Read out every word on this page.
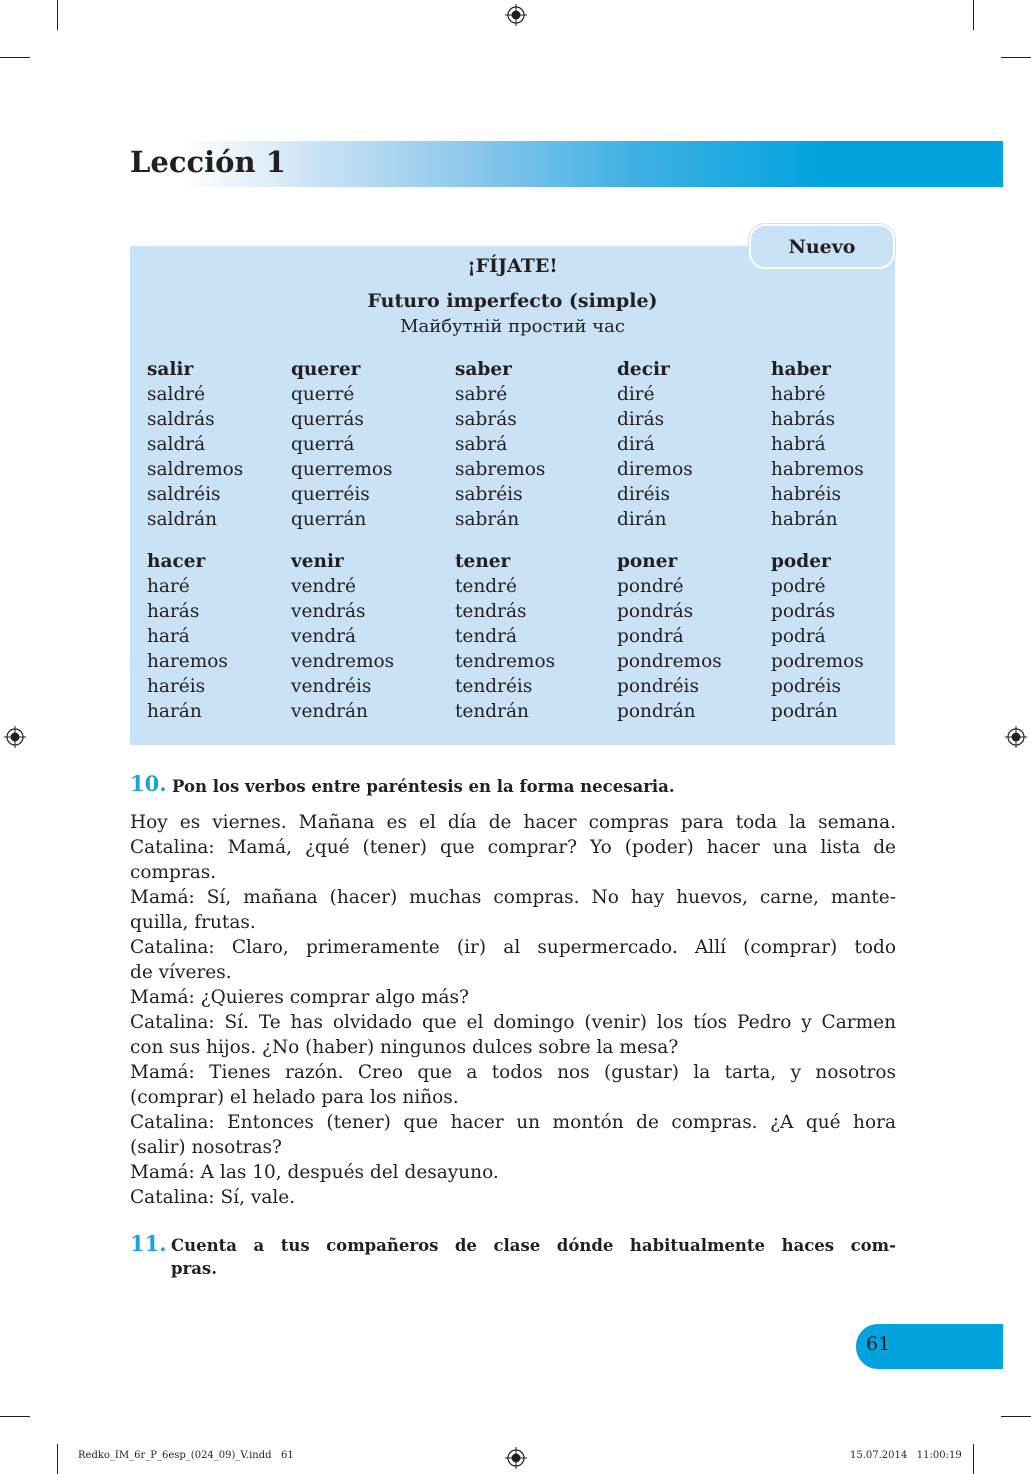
Lección 1
Nuevo
¡FÍJATE!
Futuro imperfecto (simple)
Майбутній простий час
salir
saldré
saldrás
saldrá
saldremos
saldréis
saldrán
querer
querré
querrás
querrá
querremos
querréis
querrán
saber
sabré
sabrás
sabrá
sabremos
sabréis
sabrán
decir
diré
dirás
dirá
diremos
diréis
dirán
haber
habré
habrás
habrá
habremos
habréis
habrán
hacer
haré
harás
hará
haremos
haréis
harán
venir
vendré
vendrás
vendrá
vendremos
vendréis
vendrán
tener
tendré
tendrás
tendrá
tendremos
tendréis
tendrán
poner
pondré
pondrás
pondrá
pondremos
pondréis
pondrán
poder
podré
podrás
podrá
podremos
podréis
podrán
10. Pon los verbos entre paréntesis en la forma necesaria.
Hoy es viernes. Mañana es el día de hacer compras para toda la semana.
Catalina: Mamá, ¿qué (tener) que comprar? Yo (poder) hacer una lista de
compras.
Mamá: Sí, mañana (hacer) muchas compras. No hay huevos, carne, mante-
quilla, frutas.
Catalina: Claro, primeramente (ir) al supermercado. Allí (comprar) todo
de víveres.
Mamá: ¿Quieres comprar algo más?
Catalina: Sí. Te has olvidado que el domingo (venir) los tíos Pedro y Carmen
con sus hijos. ¿No (haber) ningunos dulces sobre la mesa?
Mamá: Tienes razón. Creo que a todos nos (gustar) la tarta, y nosotros
(comprar) el helado para los niños.
Catalina: Entonces (tener) que hacer un montón de compras. ¿A qué hora
(salir) nosotras?
Mamá: A las 10, después del desayuno.
Catalina: Sí, vale.
11. Cuenta a tus compañeros de clase dónde habitualmente haces com-
pras.
61
Redko_IM_6r_P_6esp_(024_09)_V.indd   61	15.07.2014   11:00:19
